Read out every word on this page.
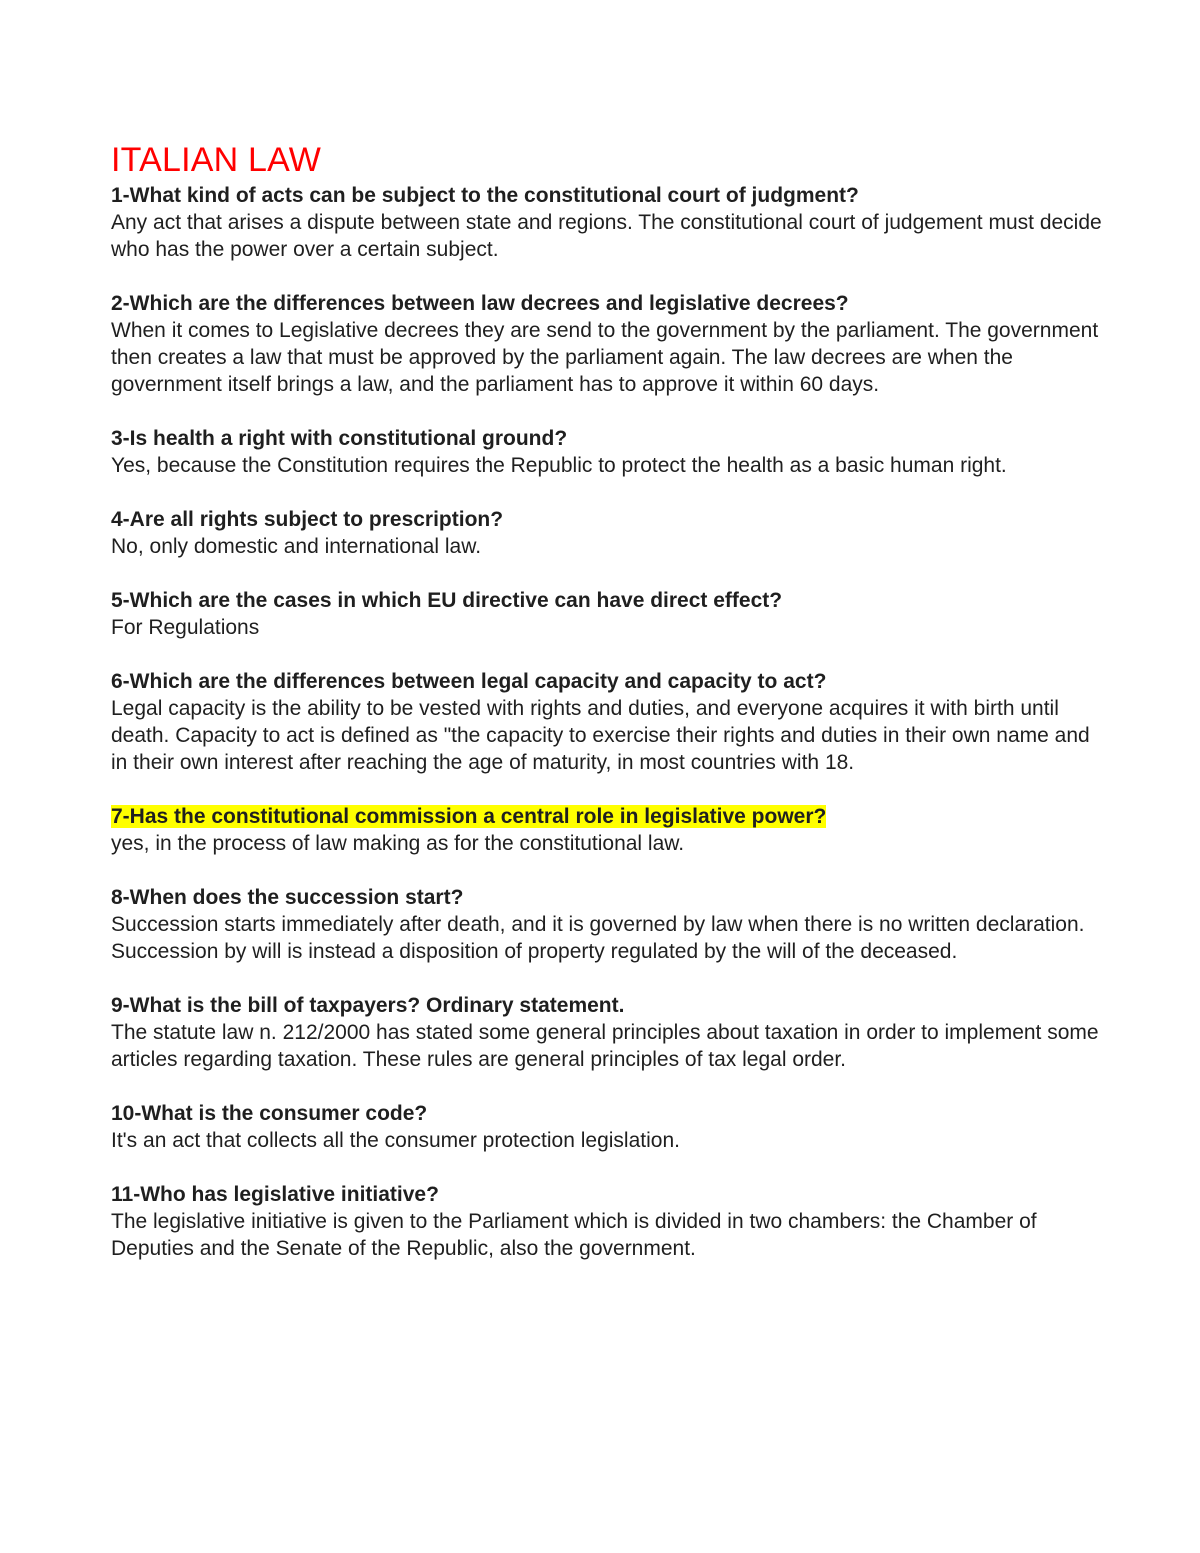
ITALIAN LAW

1-What kind of acts can be subject to the constitutional court of judgment?

Any act that arises a dispute between state and regions. The constitutional court of judgement must decide who has the power over a certain subject.

2-Which are the differences between law decrees and legislative decrees?

When it comes to Legislative decrees they are send to the government by the parliament. The government then creates a law that must be approved by the parliament again. The law decrees are when the government itself brings a law, and the parliament has to approve it within 60 days.

3-Is health a right with constitutional ground?

Yes, because the Constitution requires the Republic to protect the health as a basic human right.

4-Are all rights subject to prescription?

No, only domestic and international law.

5-Which are the cases in which EU directive can have direct effect?

For Regulations

6-Which are the differences between legal capacity and capacity to act?

Legal capacity is the ability to be vested with rights and duties, and everyone acquires it with birth until death. Capacity to act is defined as "the capacity to exercise their rights and duties in their own name and in their own interest after reaching the age of maturity, in most countries with 18.

7-Has the constitutional commission a central role in legislative power?

yes, in the process of law making as for the constitutional law.

8-When does the succession start?

Succession starts immediately after death, and it is governed by law when there is no written declaration. Succession by will is instead a disposition of property regulated by the will of the deceased.

9-What is the bill of taxpayers? Ordinary statement.

The statute law n. 212/2000 has stated some general principles about taxation in order to implement some articles regarding taxation. These rules are general principles of tax legal order.

10-What is the consumer code?

It's an act that collects all the consumer protection legislation.

11-Who has legislative initiative?

The legislative initiative is given to the Parliament which is divided in two chambers: the Chamber of Deputies and the Senate of the Republic, also the government.
